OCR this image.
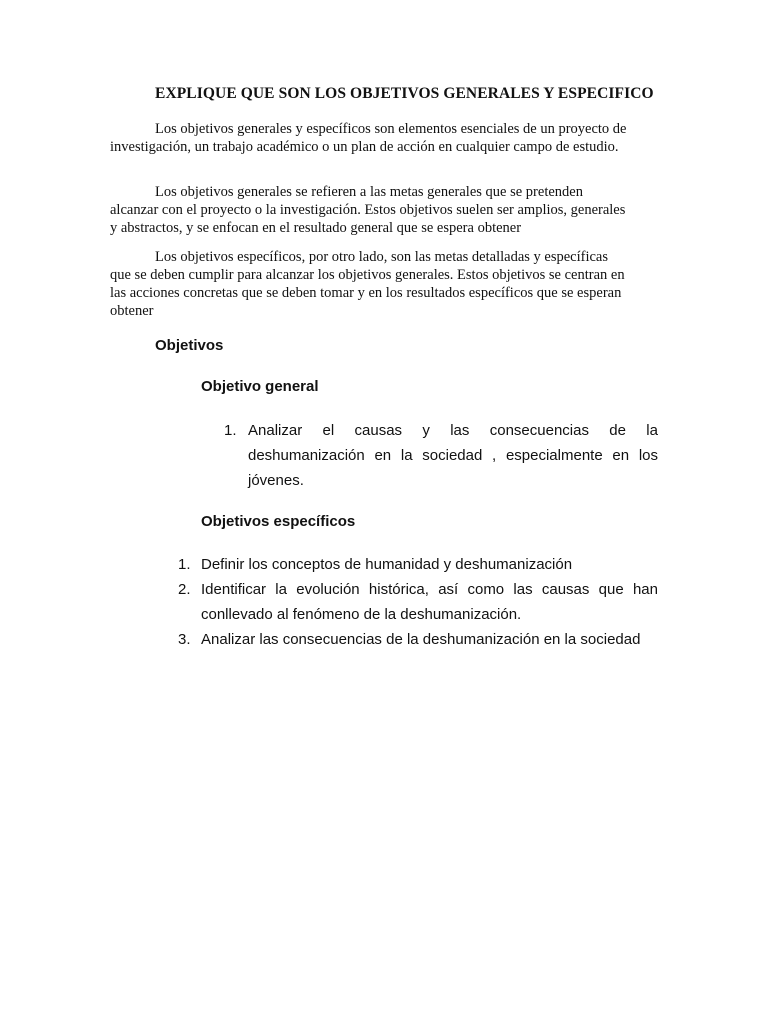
EXPLIQUE QUE SON LOS OBJETIVOS GENERALES Y ESPECIFICO

Los objetivos generales y específicos son elementos esenciales de un proyecto de investigación, un trabajo académico o un plan de acción en cualquier campo de estudio.

Los objetivos generales se refieren a las metas generales que se pretenden alcanzar con el proyecto o la investigación. Estos objetivos suelen ser amplios, generales y abstractos, y se enfocan en el resultado general que se espera obtener

Los objetivos específicos, por otro lado, son las metas detalladas y específicas que se deben cumplir para alcanzar los objetivos generales. Estos objetivos se centran en las acciones concretas que se deben tomar y en los resultados específicos que se esperan obtener

Objetivos
Objetivo general
1. Analizar el causas y las consecuencias de la deshumanización en la sociedad , especialmente en los jóvenes.
Objetivos específicos
1. Definir los conceptos de humanidad y deshumanización
2. Identificar la evolución histórica, así como las causas que han conllevado al fenómeno de la deshumanización.
3. Analizar las consecuencias de la deshumanización en la sociedad
